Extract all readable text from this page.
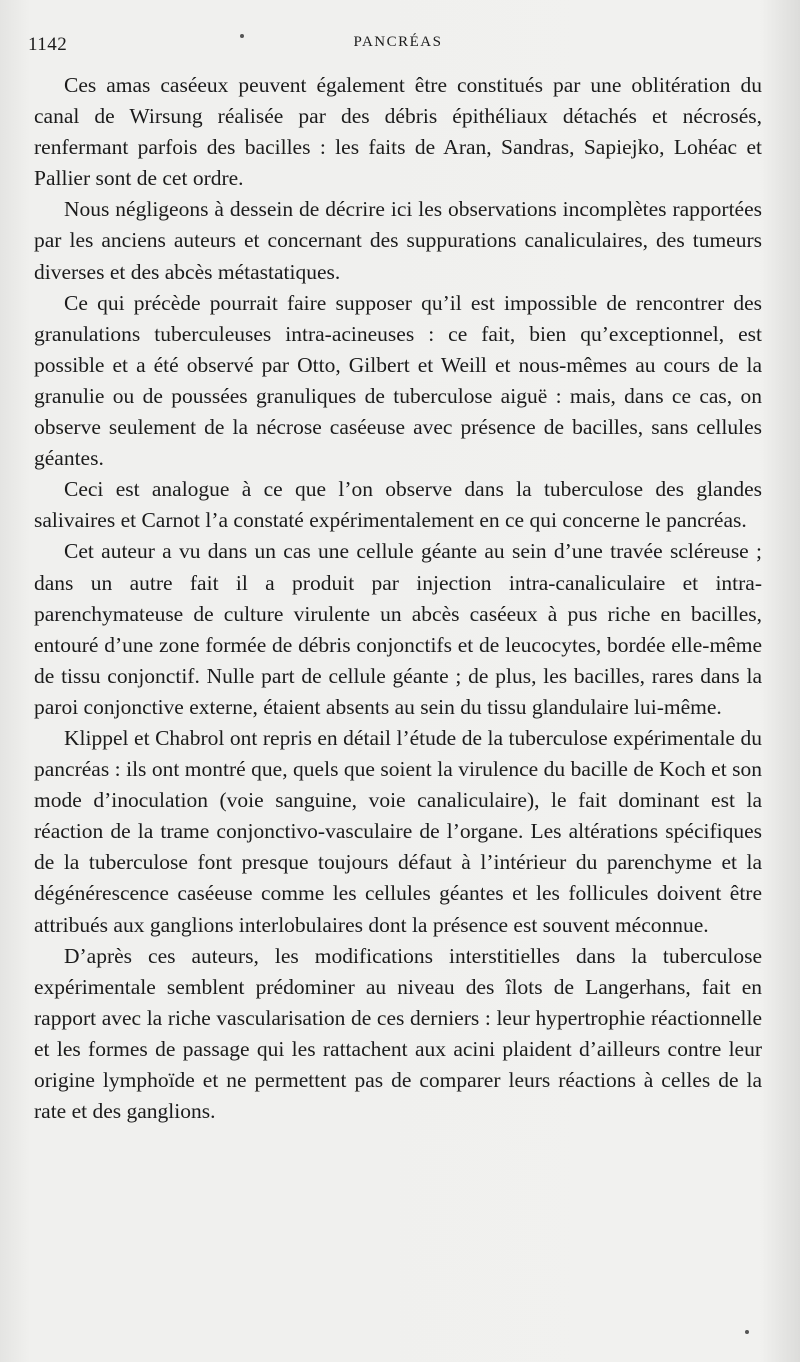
1142	PANCRÉAS

Ces amas caséeux peuvent également être constitués par une oblitération du canal de Wirsung réalisée par des débris épithéliaux détachés et nécrosés, renfermant parfois des bacilles : les faits de Aran, Sandras, Sapiejko, Lohéac et Pallier sont de cet ordre.

Nous négligeons à dessein de décrire ici les observations incomplètes rapportées par les anciens auteurs et concernant des suppurations canaliculaires, des tumeurs diverses et des abcès métastatiques.

Ce qui précède pourrait faire supposer qu’il est impossible de rencontrer des granulations tuberculeuses intra-acineuses : ce fait, bien qu’exceptionnel, est possible et a été observé par Otto, Gilbert et Weill et nous-mêmes au cours de la granulie ou de poussées granuliques de tuberculose aiguë : mais, dans ce cas, on observe seulement de la nécrose caséeuse avec présence de bacilles, sans cellules géantes.

Ceci est analogue à ce que l’on observe dans la tuberculose des glandes salivaires et Carnot l’a constaté expérimentalement en ce qui concerne le pancréas.

Cet auteur a vu dans un cas une cellule géante au sein d’une travée scléreuse ; dans un autre fait il a produit par injection intra-canaliculaire et intra-parenchymateuse de culture virulente un abcès caséeux à pus riche en bacilles, entouré d’une zone formée de débris conjonctifs et de leucocytes, bordée elle-même de tissu conjonctif. Nulle part de cellule géante ; de plus, les bacilles, rares dans la paroi conjonctive externe, étaient absents au sein du tissu glandulaire lui-même.

Klippel et Chabrol ont repris en détail l’étude de la tuberculose expérimentale du pancréas : ils ont montré que, quels que soient la virulence du bacille de Koch et son mode d’inoculation (voie sanguine, voie canaliculaire), le fait dominant est la réaction de la trame conjonctivo-vasculaire de l’organe. Les altérations spécifiques de la tuberculose font presque toujours défaut à l’intérieur du parenchyme et la dégénérescence caséeuse comme les cellules géantes et les follicules doivent être attribués aux ganglions interlobulaires dont la présence est souvent méconnue.

D’après ces auteurs, les modifications interstitielles dans la tuberculose expérimentale semblent prédominer au niveau des îlots de Langerhans, fait en rapport avec la riche vascularisation de ces derniers : leur hypertrophie réactionnelle et les formes de passage qui les rattachent aux acini plaident d’ailleurs contre leur origine lymphoïde et ne permettent pas de comparer leurs réactions à celles de la rate et des ganglions.
